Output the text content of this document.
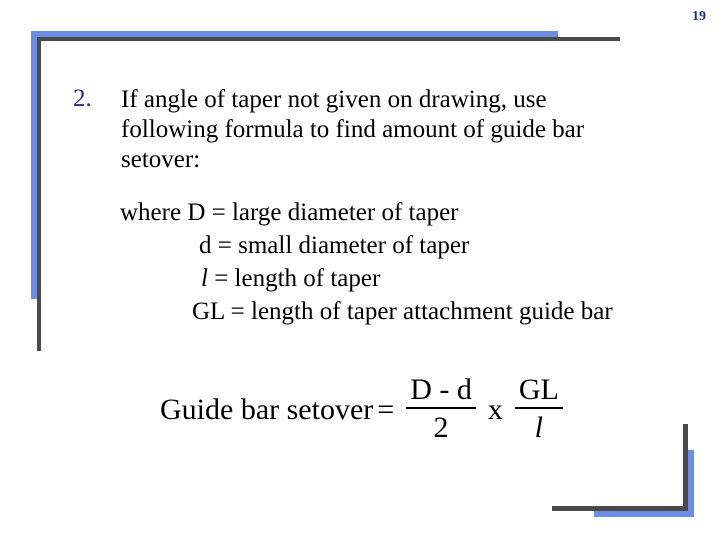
19
2. If angle of taper not given on drawing, use
following formula to find amount of guide bar
setover:
where D = large diameter of taper
d = small diameter of taper
l = length of taper
GL = length of taper attachment guide bar
Guide bar setover = $\frac{D - d}{2}$ x $\frac{GL}{l}$
